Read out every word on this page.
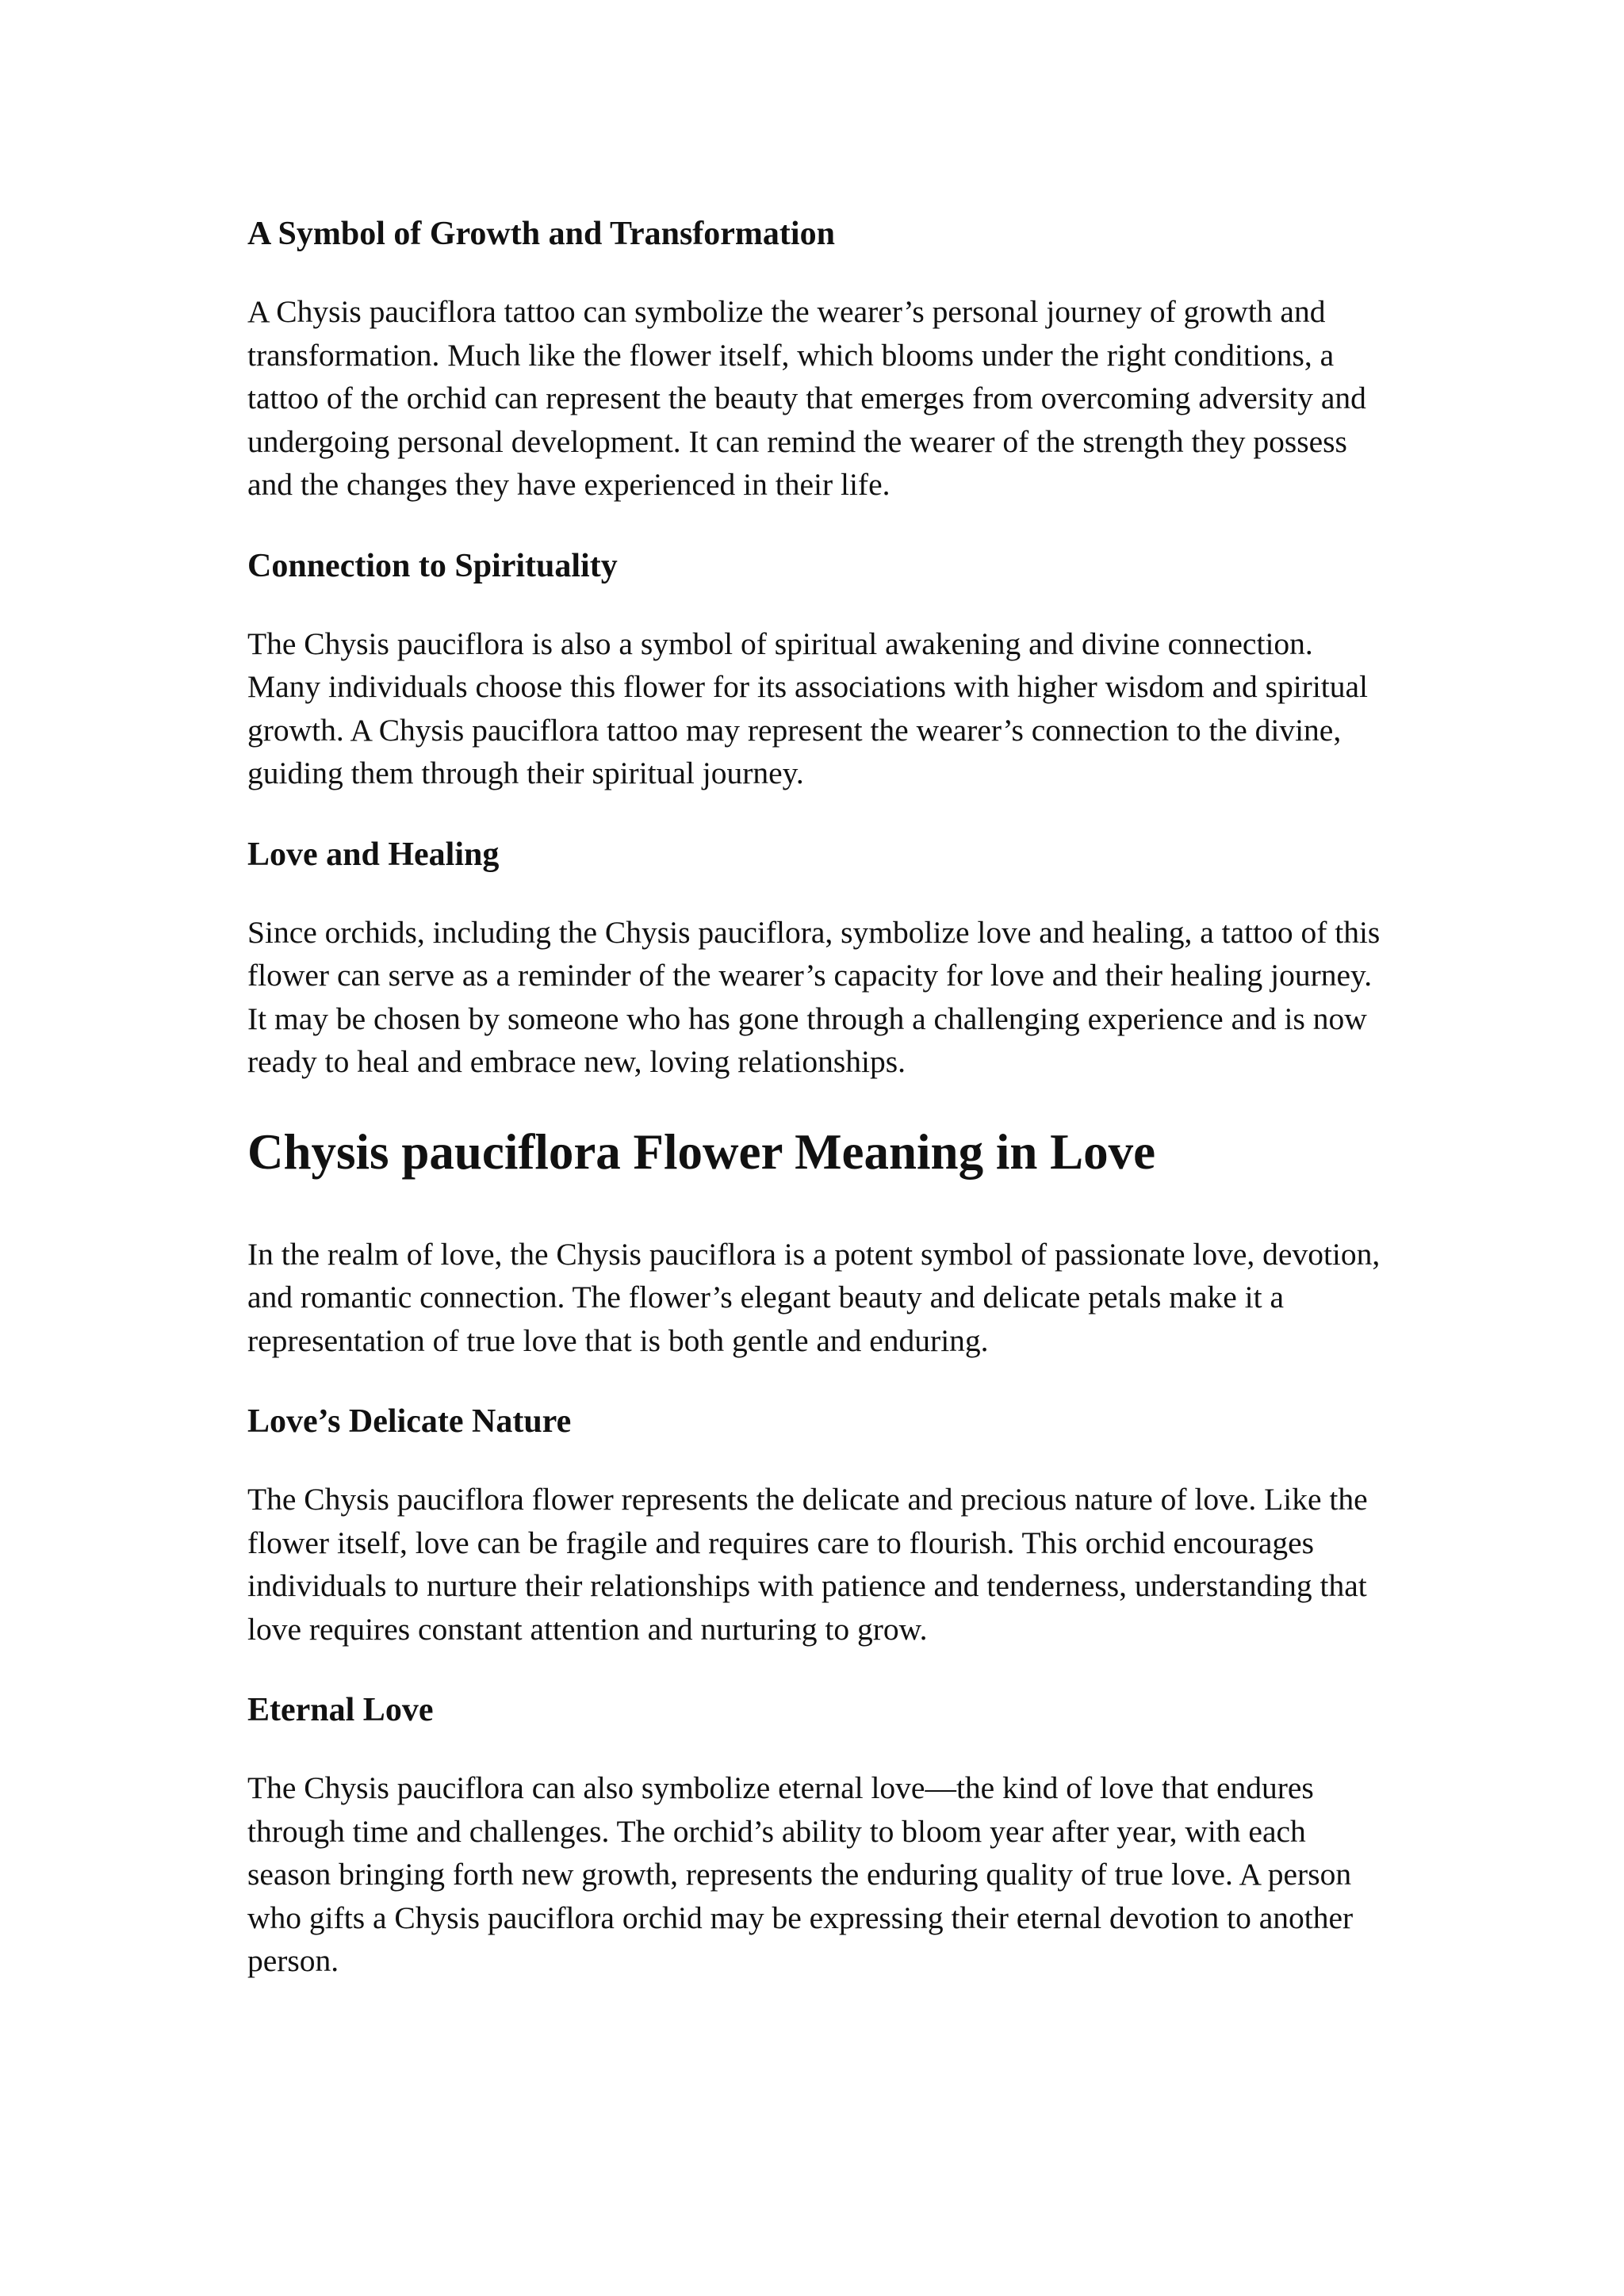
A Symbol of Growth and Transformation

A Chysis pauciflora tattoo can symbolize the wearer’s personal journey of growth and transformation. Much like the flower itself, which blooms under the right conditions, a tattoo of the orchid can represent the beauty that emerges from overcoming adversity and undergoing personal development. It can remind the wearer of the strength they possess and the changes they have experienced in their life.

Connection to Spirituality

The Chysis pauciflora is also a symbol of spiritual awakening and divine connection. Many individuals choose this flower for its associations with higher wisdom and spiritual growth. A Chysis pauciflora tattoo may represent the wearer’s connection to the divine, guiding them through their spiritual journey.

Love and Healing

Since orchids, including the Chysis pauciflora, symbolize love and healing, a tattoo of this flower can serve as a reminder of the wearer’s capacity for love and their healing journey. It may be chosen by someone who has gone through a challenging experience and is now ready to heal and embrace new, loving relationships.

Chysis pauciflora Flower Meaning in Love

In the realm of love, the Chysis pauciflora is a potent symbol of passionate love, devotion, and romantic connection. The flower’s elegant beauty and delicate petals make it a representation of true love that is both gentle and enduring.

Love’s Delicate Nature

The Chysis pauciflora flower represents the delicate and precious nature of love. Like the flower itself, love can be fragile and requires care to flourish. This orchid encourages individuals to nurture their relationships with patience and tenderness, understanding that love requires constant attention and nurturing to grow.

Eternal Love

The Chysis pauciflora can also symbolize eternal love—the kind of love that endures through time and challenges. The orchid’s ability to bloom year after year, with each season bringing forth new growth, represents the enduring quality of true love. A person who gifts a Chysis pauciflora orchid may be expressing their eternal devotion to another person.
